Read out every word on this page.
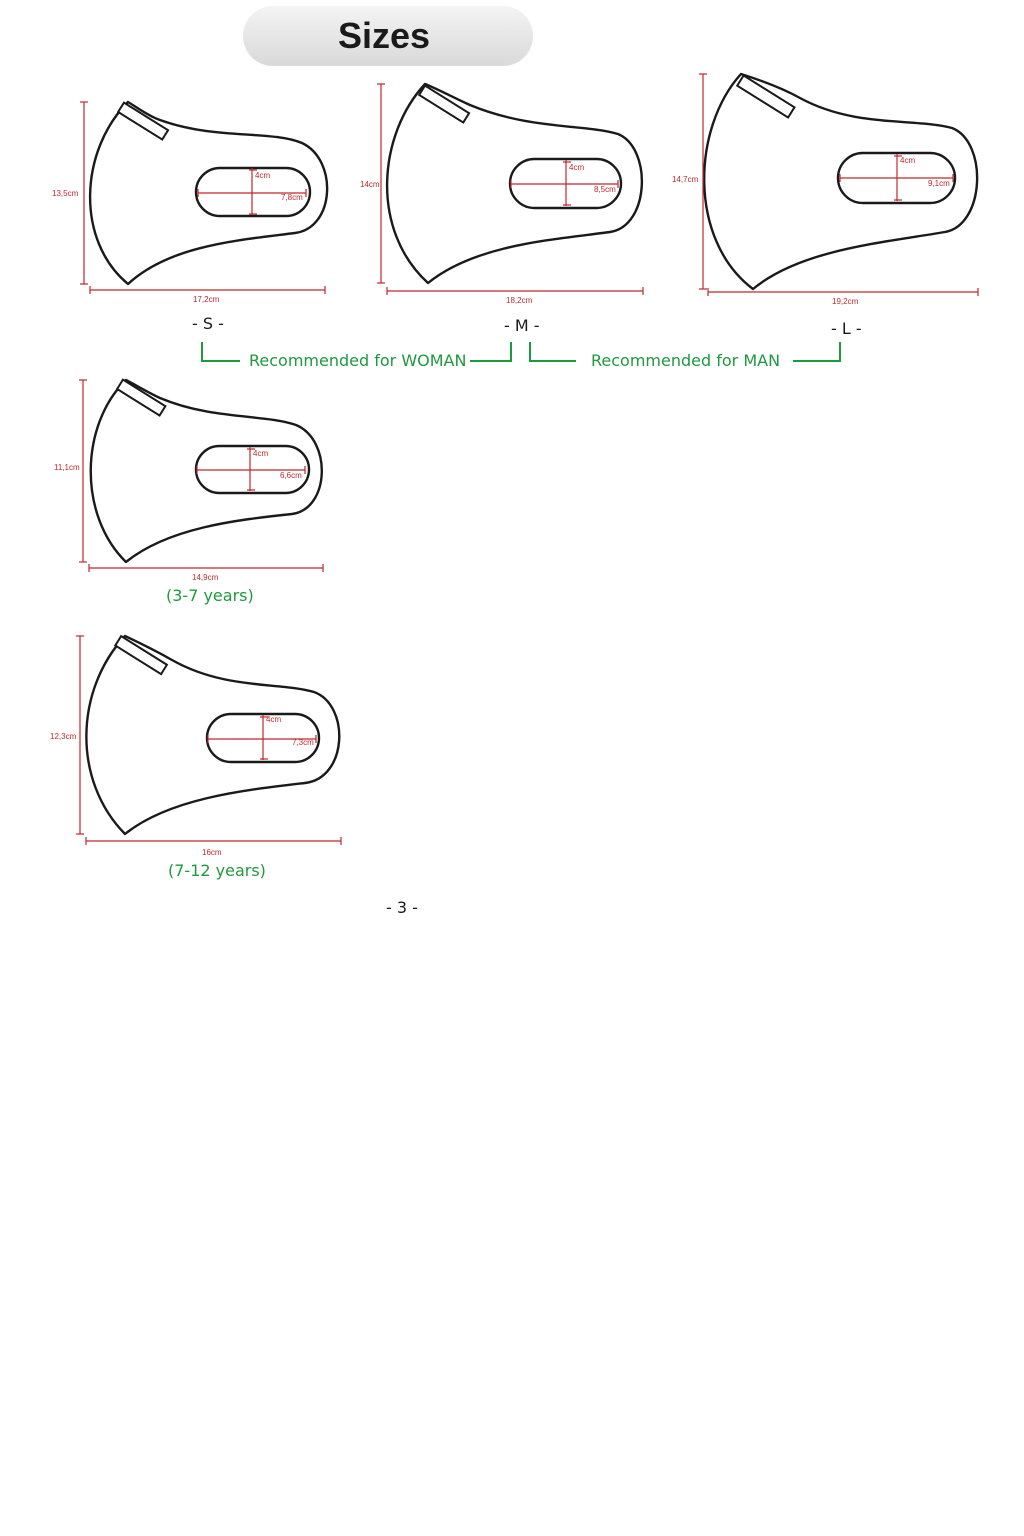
Sizes
4cm
7,8cm
13,5cm
17,2cm
- S -
4cm
8,5cm
14cm
18,2cm
- M -
4cm
9,1cm
14,7cm
19,2cm
- L -
Recommended for WOMAN	Recommended for MAN
4cm
6,6cm
11,1cm
14,9cm
(3-7 years)
4cm
7,3cm
12,3cm
16cm
(7-12 years)
- 3 -
